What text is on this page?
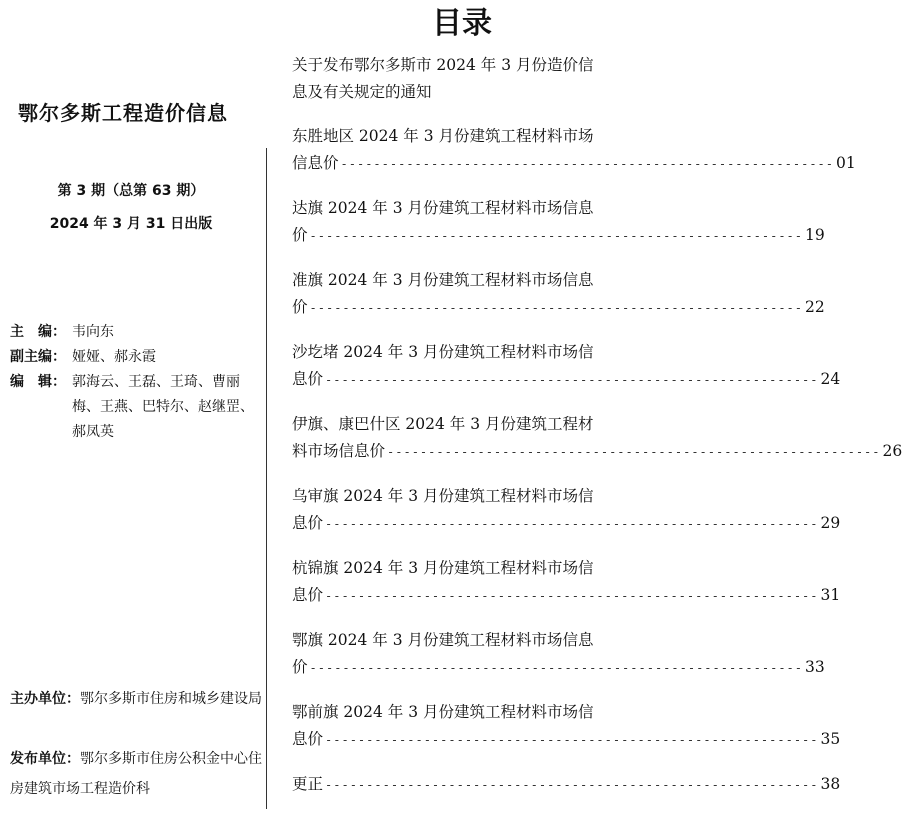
鄂尔多斯工程造价信息
第 3 期（总第 63 期）
2024 年 3 月 31 日出版
主　编： 韦向东
副主编： 娅娅、郝永霞
编　辑： 郭海云、王磊、王琦、曹丽梅、王燕、巴特尔、赵继罡、郝凤英
主办单位：鄂尔多斯市住房和城乡建设局
发布单位：鄂尔多斯市住房公积金中心住房建筑市场工程造价科
目录
关于发布鄂尔多斯市 2024 年 3 月份造价信
息及有关规定的通知
东胜地区 2024 年 3 月份建筑工程材料市场
信息价 ------------------------------------------------------------ 01
达旗 2024 年 3 月份建筑工程材料市场信息
价 ------------------------------------------------------------ 19
准旗 2024 年 3 月份建筑工程材料市场信息
价 ------------------------------------------------------------ 22
沙圪堵 2024 年 3 月份建筑工程材料市场信
息价 ------------------------------------------------------------ 24
伊旗、康巴什区 2024 年 3 月份建筑工程材
料市场信息价 ------------------------------------------------------------ 26
乌审旗 2024 年 3 月份建筑工程材料市场信
息价 ------------------------------------------------------------ 29
杭锦旗 2024 年 3 月份建筑工程材料市场信
息价 ------------------------------------------------------------ 31
鄂旗 2024 年 3 月份建筑工程材料市场信息
价 ------------------------------------------------------------ 33
鄂前旗 2024 年 3 月份建筑工程材料市场信
息价 ------------------------------------------------------------ 35
更正 ------------------------------------------------------------ 38
